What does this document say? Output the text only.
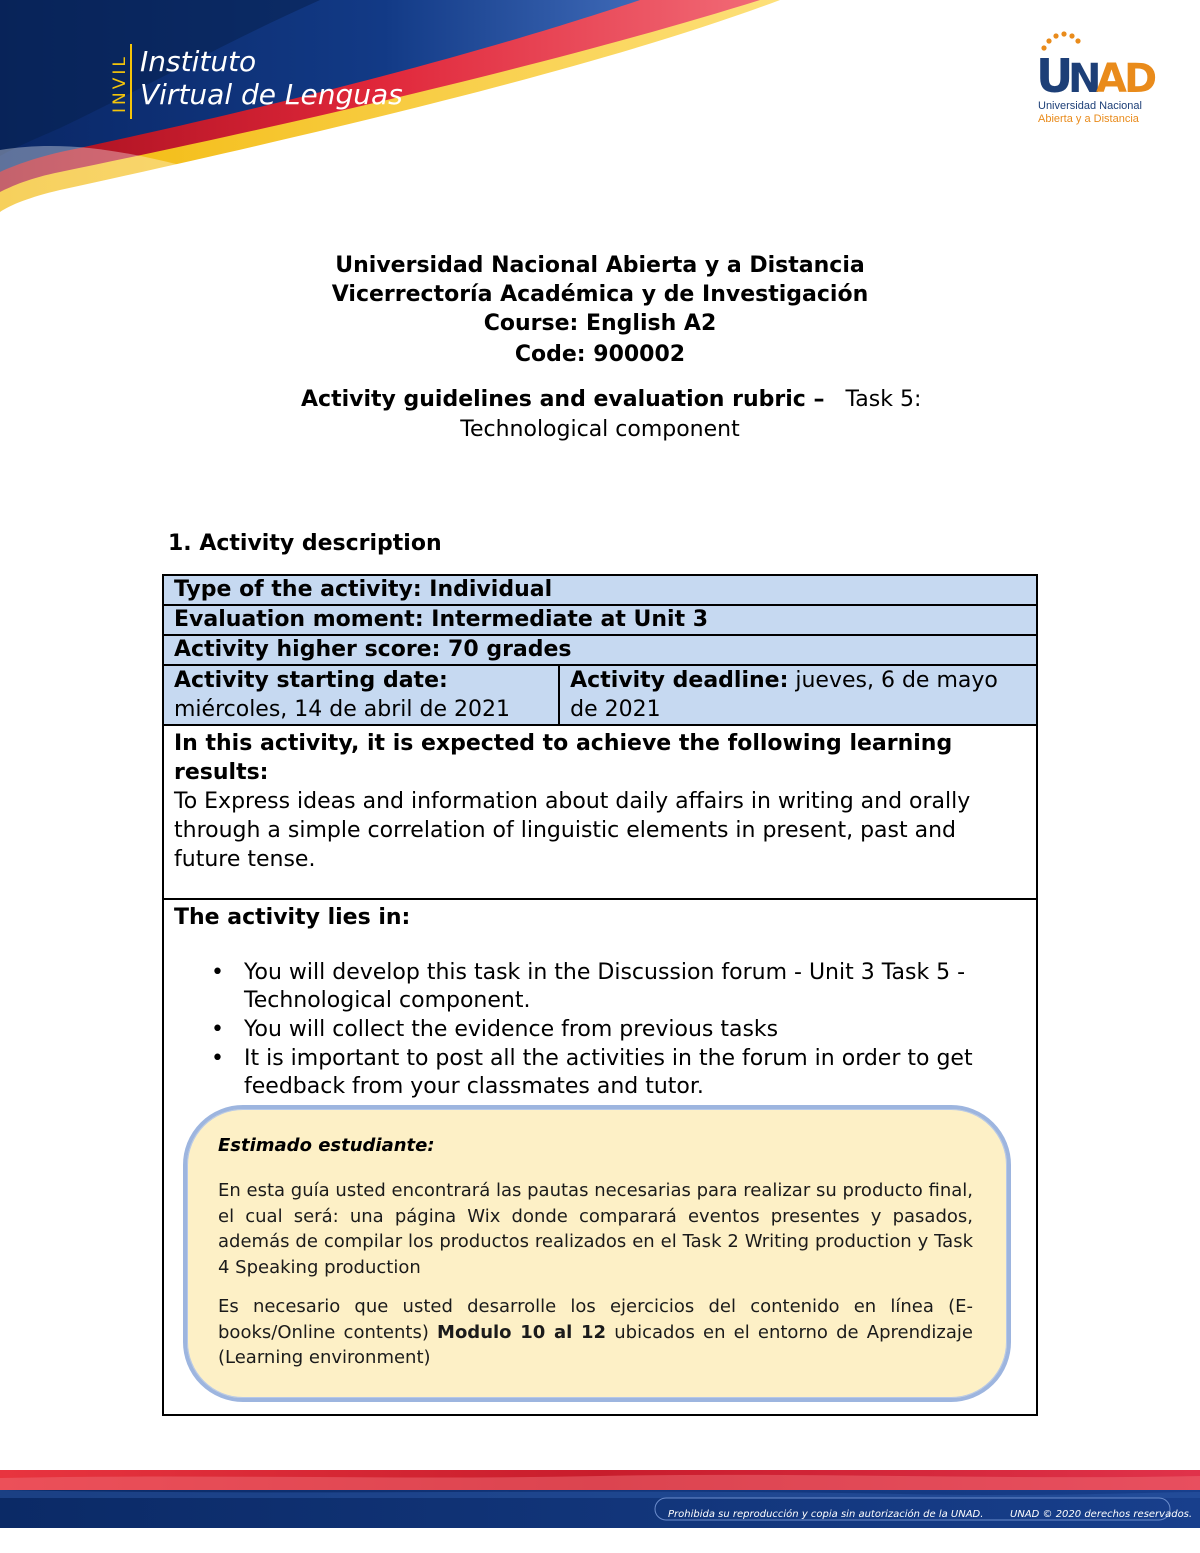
INVIL Instituto
Virtual de Lenguas	U
N
AD
Universidad Nacional
Abierta y a Distancia
Universidad Nacional Abierta y a Distancia
Vicerrectoría Académica y de Investigación
Course: English A2
Code: 900002
Activity guidelines and evaluation rubric – Task 5:
Technological component
1. Activity description
Type of the activity: Individual
Evaluation moment: Intermediate at Unit 3
Activity higher score: 70 grades
Activity starting date:
miércoles, 14 de abril de 2021	Activity deadline: jueves, 6 de mayo de 2021

In this activity, it is expected to achieve the following learning results:
To Express ideas and information about daily affairs in writing and orally through a simple correlation of linguistic elements in present, past and future tense.

The activity lies in:
• You will develop this task in the Discussion forum - Unit 3 Task 5 - Technological component.
• You will collect the evidence from previous tasks
• It is important to post all the activities in the forum in order to get feedback from your classmates and tutor.
Estimado estudiante:

En esta guía usted encontrará las pautas necesarias para realizar su producto final, el cual será: una página Wix donde comparará eventos presentes y pasados, además de compilar los productos realizados en el Task 2 Writing production y Task 4 Speaking production

Es necesario que usted desarrolle los ejercicios del contenido en línea (E-books/Online contents) Modulo 10 al 12 ubicados en el entorno de Aprendizaje (Learning environment)

Prohibida su reproducción y copia sin autorización de la UNAD.	UNAD © 2020 derechos reservados.
